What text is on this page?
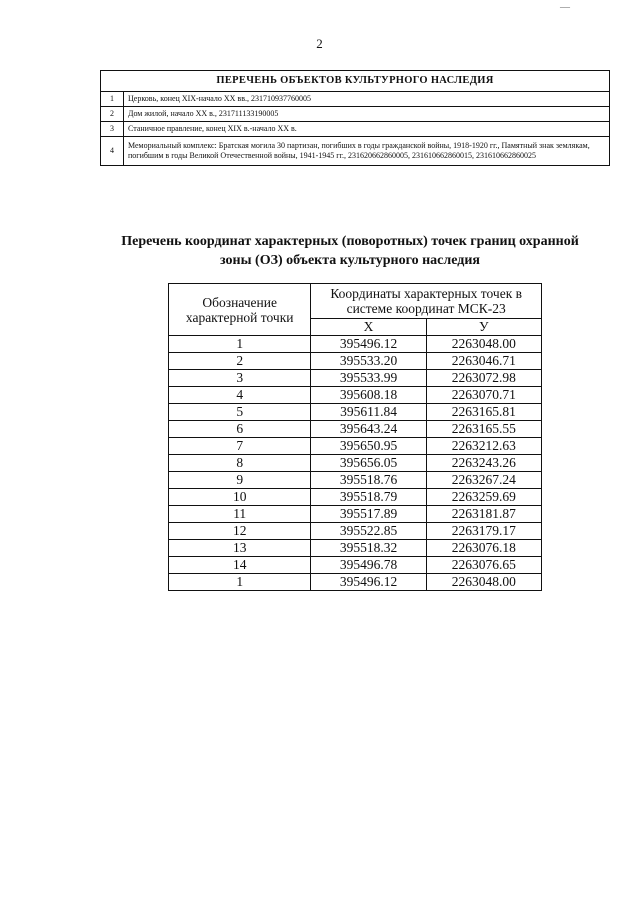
—
2
ПЕРЕЧЕНЬ ОБЪЕКТОВ КУЛЬТУРНОГО НАСЛЕДИЯ	
1	Церковь, конец XIX-начало XX вв., 231710937760005
2	Дом жилой, начало XX в., 231711133190005
3	Станичное правление, конец XIX в.-начало XX в.
4	Мемориальный комплекс: Братская могила 30 партизан, погибших в годы гражданской войны, 1918-1920 гг., Памятный знак землякам, погибшим в годы Великой Отечественной войны, 1941-1945 гг., 231620662860005, 231610662860015, 231610662860025
Перечень координат характерных (поворотных) точек границ охранной
зоны (ОЗ) объекта культурного наследия
Обозначение характерной точки	Координаты характерных точек в системе координат МСК-23	
	X	У
1	395496.12	2263048.00
2	395533.20	2263046.71
3	395533.99	2263072.98
4	395608.18	2263070.71
5	395611.84	2263165.81
6	395643.24	2263165.55
7	395650.95	2263212.63
8	395656.05	2263243.26
9	395518.76	2263267.24
10	395518.79	2263259.69
11	395517.89	2263181.87
12	395522.85	2263179.17
13	395518.32	2263076.18
14	395496.78	2263076.65
1	395496.12	2263048.00
